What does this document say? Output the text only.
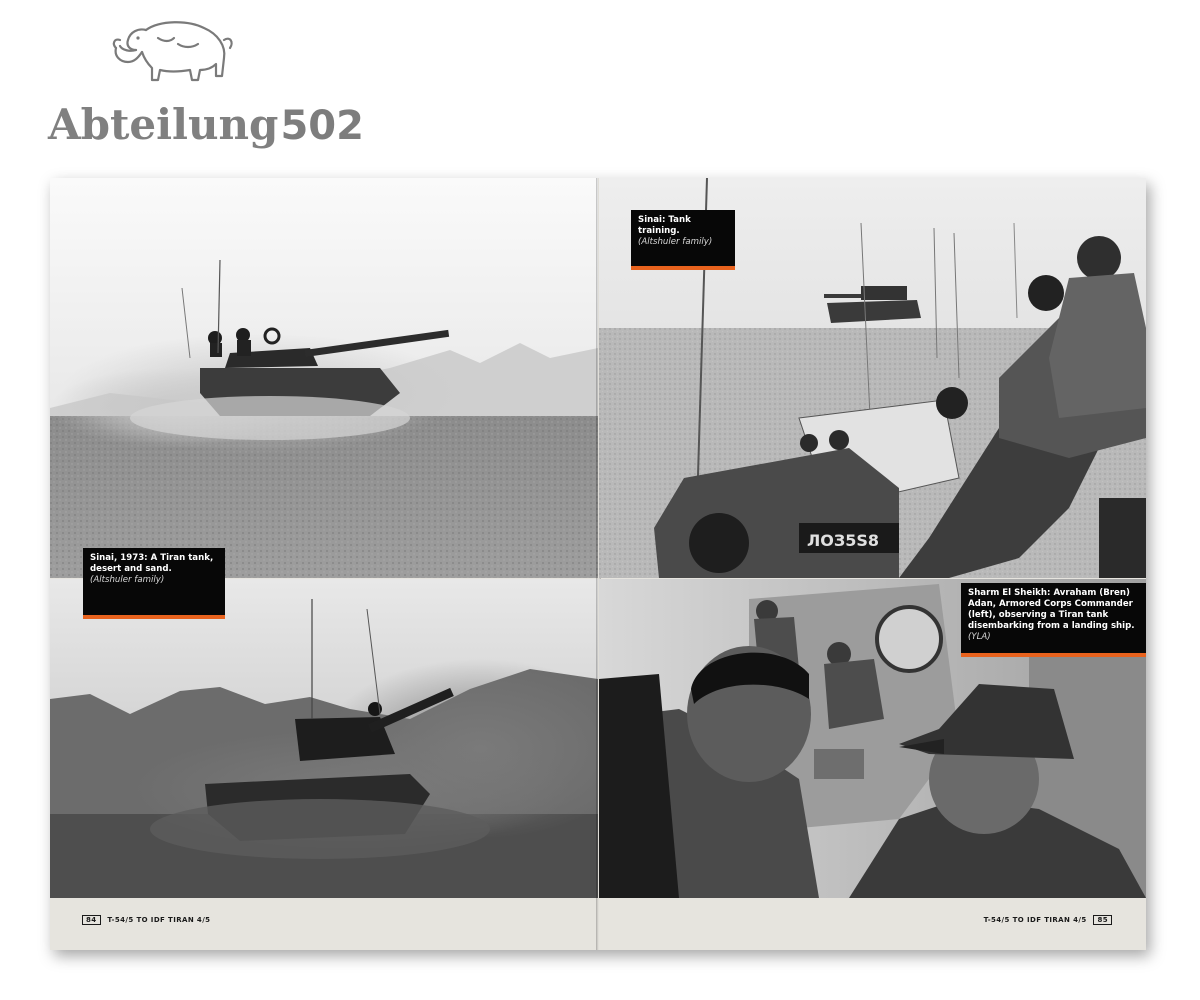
Abteilung502
Sinai, 1973: A Tiran tank, desert and sand.
(Altshuler family)
84 T-54/5 TO IDF TIRAN 4/5
ЛОЗ5Ѕ8
Sinai: Tank training.
(Altshuler family)
Sharm El Sheikh: Avraham (Bren) Adan, Armored Corps Commander (left), observing a Tiran tank disembarking from a landing ship. (YLA)
T-54/5 TO IDF TIRAN 4/5 85
